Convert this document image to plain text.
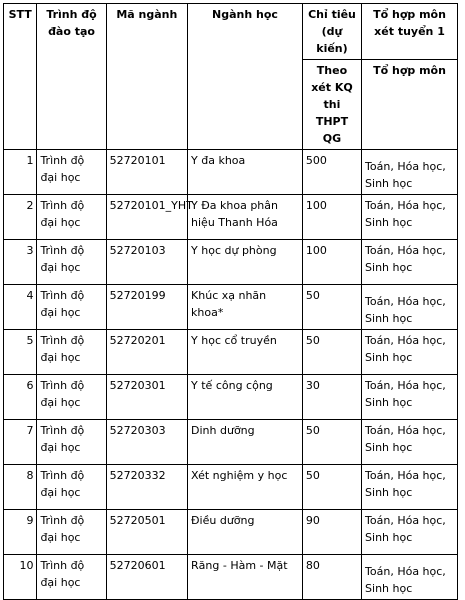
STT	Trình độ đào tạo	Mã ngành	Ngành học	Chỉ tiêu (dự kiến)	Tổ hợp môn xét tuyển 1
				Theo xét KQ thi THPT QG	Tổ hợp môn
1	Trình độ đại học	52720101	Y đa khoa	500	Toán, Hóa học, Sinh học
2	Trình độ đại học	52720101_YHT	Y Đa khoa phân hiệu Thanh Hóa	100	Toán, Hóa học, Sinh học
3	Trình độ đại học	52720103	Y học dự phòng	100	Toán, Hóa học, Sinh học
4	Trình độ đại học	52720199	Khúc xạ nhãn khoa*	50	Toán, Hóa học, Sinh học
5	Trình độ đại học	52720201	Y học cổ truyền	50	Toán, Hóa học, Sinh học
6	Trình độ đại học	52720301	Y tế công cộng	30	Toán, Hóa học, Sinh học
7	Trình độ đại học	52720303	Dinh dưỡng	50	Toán, Hóa học, Sinh học
8	Trình độ đại học	52720332	Xét nghiệm y học	50	Toán, Hóa học, Sinh học
9	Trình độ đại học	52720501	Điều dưỡng	90	Toán, Hóa học, Sinh học
10	Trình độ đại học	52720601	Răng - Hàm - Mặt	80	Toán, Hóa học, Sinh học
